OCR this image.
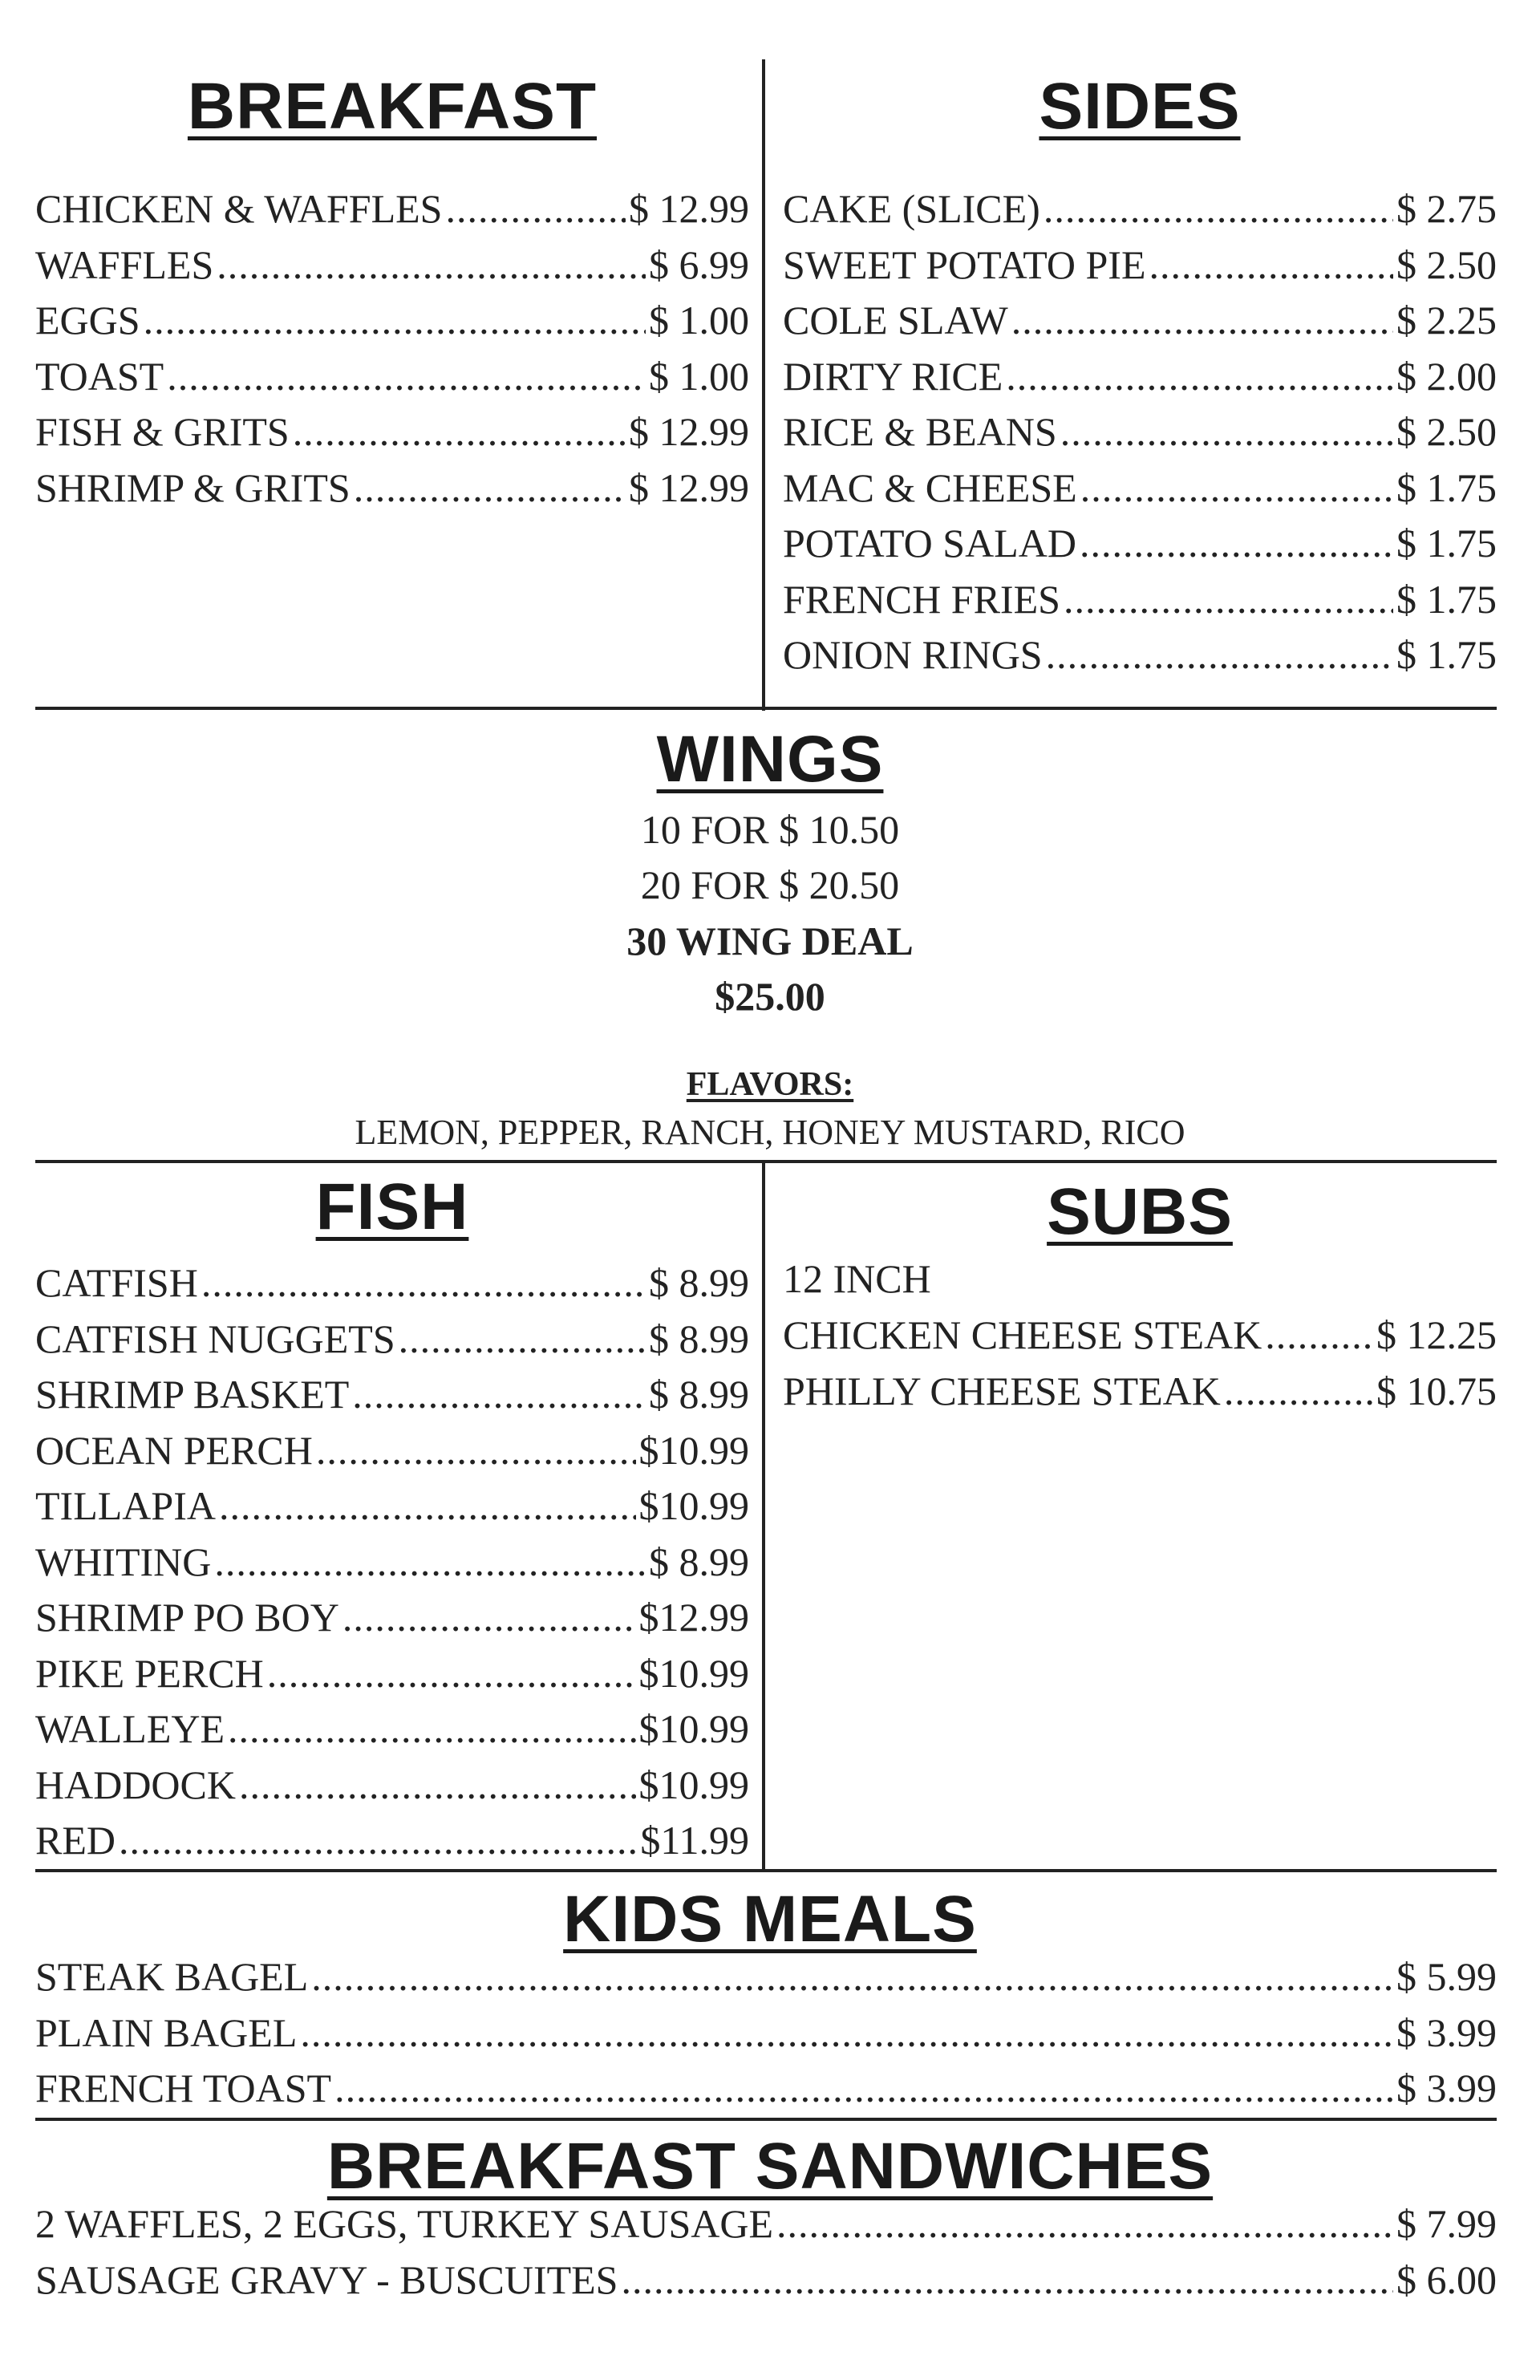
BREAKFAST
CHICKEN & WAFFLES .....	$ 12.99
WAFFLES .....	$ 6.99
EGGS .....	$ 1.00
TOAST .....	$ 1.00
FISH & GRITS .....	$ 12.99
SHRIMP & GRITS .....	$ 12.99
SIDES
CAKE (SLICE) .....	$ 2.75
SWEET POTATO PIE .....	$ 2.50
COLE SLAW .....	$ 2.25
DIRTY RICE .....	$ 2.00
RICE & BEANS .....	$ 2.50
MAC & CHEESE .....	$ 1.75
POTATO SALAD .....	$ 1.75
FRENCH FRIES .....	$ 1.75
ONION RINGS .....	$ 1.75
WINGS
10 FOR $ 10.50
20 FOR $ 20.50
30 WING DEAL
$25.00
FLAVORS:
LEMON, PEPPER, RANCH, HONEY MUSTARD, RICO
FISH
CATFISH .....	$ 8.99
CATFISH NUGGETS .....	$ 8.99
SHRIMP BASKET .....	$ 8.99
OCEAN PERCH .....	$10.99
TILLAPIA .....	$10.99
WHITING .....	$ 8.99
SHRIMP PO BOY .....	$12.99
PIKE PERCH .....	$10.99
WALLEYE .....	$10.99
HADDOCK .....	$10.99
RED .....	$11.99
SUBS
12 INCH
CHICKEN CHEESE STEAK .....	$ 12.25
PHILLY CHEESE STEAK .....	$ 10.75
KIDS MEALS
STEAK BAGEL .....	$ 5.99
PLAIN BAGEL .....	$ 3.99
FRENCH TOAST .....	$ 3.99
BREAKFAST SANDWICHES
2 WAFFLES, 2 EGGS, TURKEY SAUSAGE .....	$ 7.99
SAUSAGE GRAVY - BUSCUITES .....	$ 6.00
